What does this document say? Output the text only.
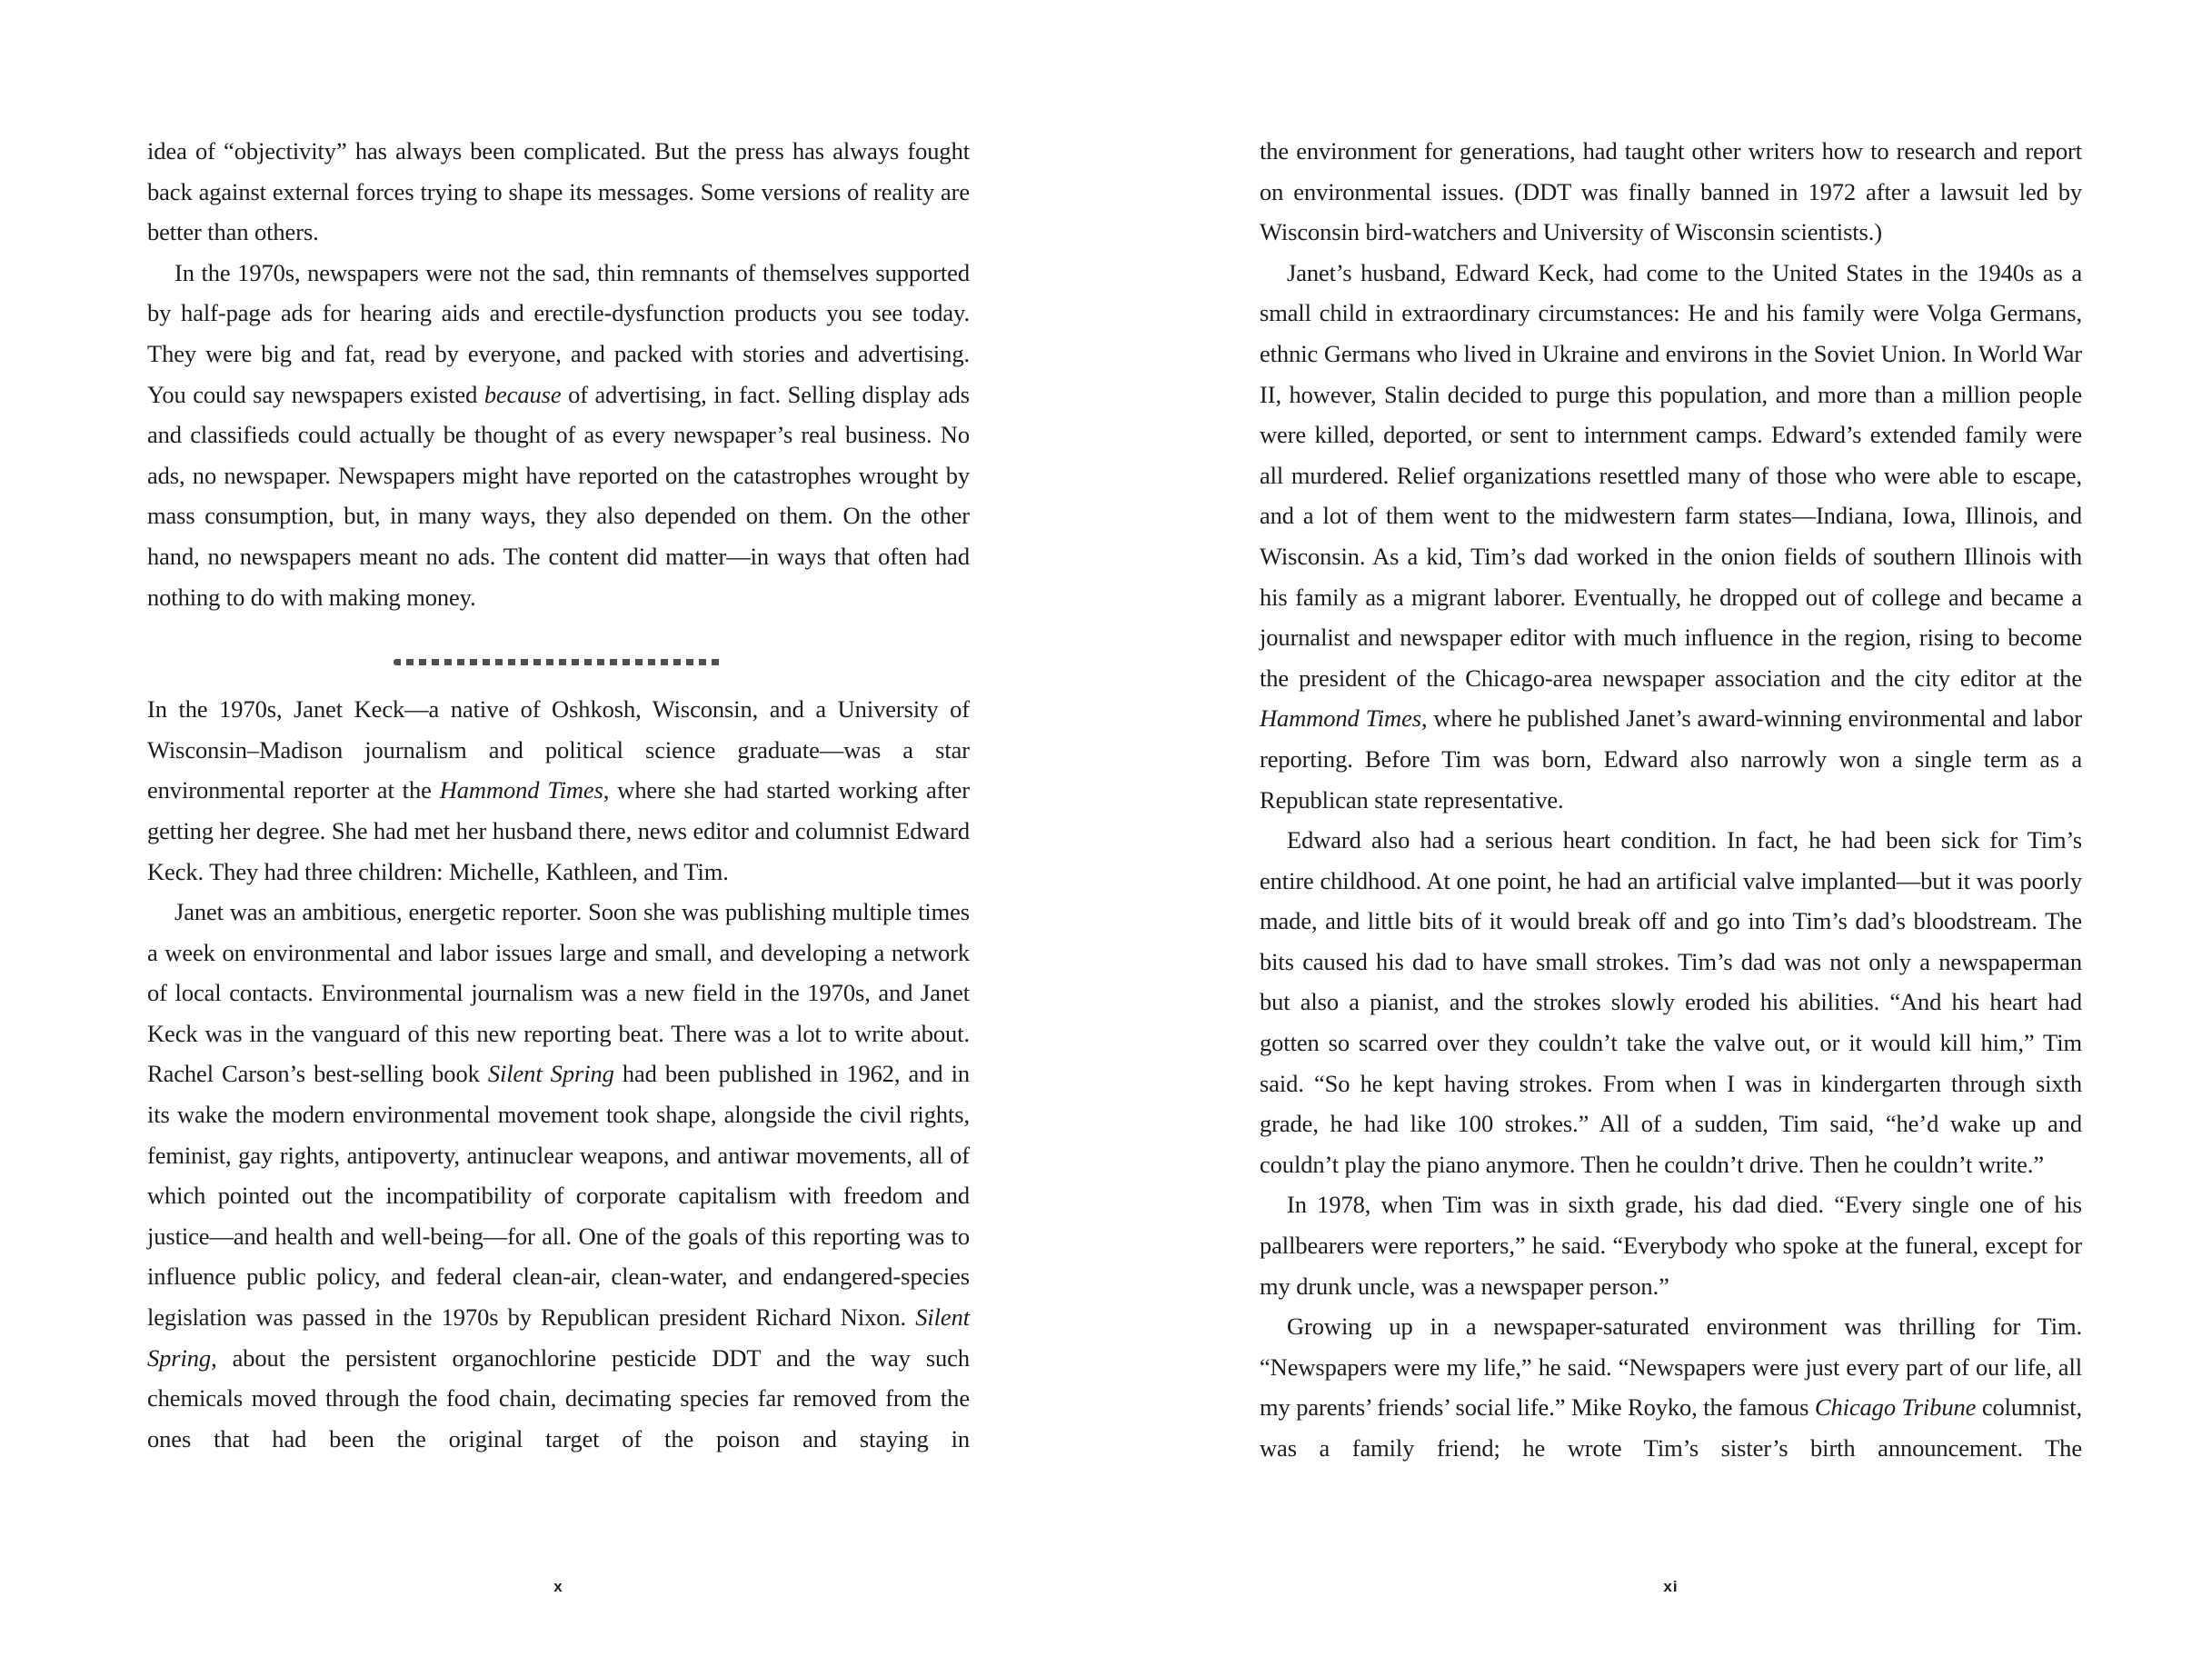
idea of “objectivity” has always been complicated. But the press has always fought back against external forces trying to shape its messages. Some versions of reality are better than others.

In the 1970s, newspapers were not the sad, thin remnants of themselves supported by half-page ads for hearing aids and erectile-dysfunction products you see today. They were big and fat, read by everyone, and packed with stories and advertising. You could say newspapers existed because of advertising, in fact. Selling display ads and classifieds could actually be thought of as every newspaper’s real business. No ads, no newspaper. Newspapers might have reported on the catastrophes wrought by mass consumption, but, in many ways, they also depended on them. On the other hand, no newspapers meant no ads. The content did matter—in ways that often had nothing to do with making money.

In the 1970s, Janet Keck—a native of Oshkosh, Wisconsin, and a University of Wisconsin–Madison journalism and political science graduate—was a star environmental reporter at the Hammond Times, where she had started working after getting her degree. She had met her husband there, news editor and columnist Edward Keck. They had three children: Michelle, Kathleen, and Tim.

Janet was an ambitious, energetic reporter. Soon she was publishing multiple times a week on environmental and labor issues large and small, and developing a network of local contacts. Environmental journalism was a new field in the 1970s, and Janet Keck was in the vanguard of this new reporting beat. There was a lot to write about. Rachel Carson’s best-selling book Silent Spring had been published in 1962, and in its wake the modern environmental movement took shape, alongside the civil rights, feminist, gay rights, antipoverty, antinuclear weapons, and antiwar movements, all of which pointed out the incompatibility of corporate capitalism with freedom and justice—and health and well-being—for all. One of the goals of this reporting was to influence public policy, and federal clean-air, clean-water, and endangered-species legislation was passed in the 1970s by Republican president Richard Nixon. Silent Spring, about the persistent organochlorine pesticide DDT and the way such chemicals moved through the food chain, decimating species far removed from the ones that had been the original target of the poison and staying in

x

the environment for generations, had taught other writers how to research and report on environmental issues. (DDT was finally banned in 1972 after a lawsuit led by Wisconsin bird-watchers and University of Wisconsin scientists.)

Janet’s husband, Edward Keck, had come to the United States in the 1940s as a small child in extraordinary circumstances: He and his family were Volga Germans, ethnic Germans who lived in Ukraine and environs in the Soviet Union. In World War II, however, Stalin decided to purge this population, and more than a million people were killed, deported, or sent to internment camps. Edward’s extended family were all murdered. Relief organizations resettled many of those who were able to escape, and a lot of them went to the midwestern farm states—Indiana, Iowa, Illinois, and Wisconsin. As a kid, Tim’s dad worked in the onion fields of southern Illinois with his family as a migrant laborer. Eventually, he dropped out of college and became a journalist and newspaper editor with much influence in the region, rising to become the president of the Chicago-area newspaper association and the city editor at the Hammond Times, where he published Janet’s award-winning environmental and labor reporting. Before Tim was born, Edward also narrowly won a single term as a Republican state representative.

Edward also had a serious heart condition. In fact, he had been sick for Tim’s entire childhood. At one point, he had an artificial valve implanted—but it was poorly made, and little bits of it would break off and go into Tim’s dad’s bloodstream. The bits caused his dad to have small strokes. Tim’s dad was not only a newspaperman but also a pianist, and the strokes slowly eroded his abilities. “And his heart had gotten so scarred over they couldn’t take the valve out, or it would kill him,” Tim said. “So he kept having strokes. From when I was in kindergarten through sixth grade, he had like 100 strokes.” All of a sudden, Tim said, “he’d wake up and couldn’t play the piano anymore. Then he couldn’t drive. Then he couldn’t write.”

In 1978, when Tim was in sixth grade, his dad died. “Every single one of his pallbearers were reporters,” he said. “Everybody who spoke at the funeral, except for my drunk uncle, was a newspaper person.”

Growing up in a newspaper-saturated environment was thrilling for Tim. “Newspapers were my life,” he said. “Newspapers were just every part of our life, all my parents’ friends’ social life.” Mike Royko, the famous Chicago Tribune columnist, was a family friend; he wrote Tim’s sister’s birth announcement. The

xi
